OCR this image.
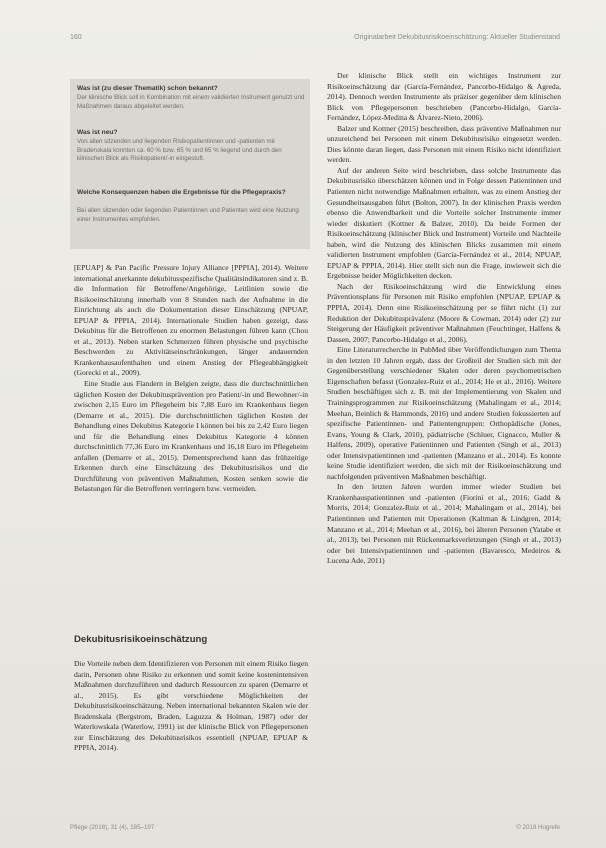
160	Originalarbeit Dekubitusrisikoeinschätzung: Aktueller Studienstand
Was ist (zu dieser Thematik) schon bekannt?
Der klinische Blick soll in Kombination mit einem validierten Instrument genutzt und Maßnahmen daraus abgeleitet werden.
Was ist neu?
Von allen sitzenden und liegenden Risikopatientinnen und -patienten mit Bradenskala konnten ca. 60 % bzw. 65 % und 65 % liegend und durch den klinischen Blick als Risikopatient/-in eingestuft.
Welche Konsequenzen haben die Ergebnisse für die Pflegepraxis?
Bei allen sitzenden oder liegenden Patientinnen und Patienten wird eine Nutzung einer Instrumentes empfohlen.

[EPUAP] & Pan Pacific Pressure Injury Alliance [PPPIA], 2014). Weitere international anerkannte dekubitusspezifische Qualitätsindikatoren sind z. B. die Information für Betroffene/Angehörige, Leitlinien sowie die Risikoeinschätzung innerhalb von 8 Stunden nach der Aufnahme in die Einrichtung als auch die Dokumentation dieser Einschätzung (NPUAP, EPUAP & PPPIA, 2014). Internationale Studien haben gezeigt, dass Dekubitus für die Betroffenen zu enormen Belastungen führen kann (Chou et al., 2013). Neben starken Schmerzen führen physische und psychische Beschwerden zu Aktivitätseinschränkungen, länger andauernden Krankenhausaufenthalten und einem Anstieg der Pflegeabhängigkeit (Gorecki et al., 2009).

Eine Studie aus Flandern in Belgien zeigte, dass die durchschnittlichen täglichen Kosten der Dekubitusprävention pro Patient/-in und Bewohner/-in zwischen 2,15 Euro im Pflegeheim bis 7,88 Euro im Krankenhaus liegen (Demarre et al., 2015). Die durchschnittlichen täglichen Kosten der Behandlung eines Dekubitus Kategorie I können bei bis zu 2,42 Euro liegen und für die Behandlung eines Dekubitus Kategorie 4 können durchschnittlich 77,36 Euro im Krankenhaus und 16,18 Euro im Pflegeheim anfallen (Demarre et al., 2015). Dementsprechend kann das frühzeitige Erkennen durch eine Einschätzung des Dekubitusrisikos und die Durchführung von präventiven Maßnahmen, Kosten senken sowie die Belastungen für die Betroffenen verringern bzw. vermeiden.

Dekubitusrisikoeinschätzung

Die Vorteile neben dem Identifizieren von Personen mit einem Risiko liegen darin, Personen ohne Risiko zu erkennen und somit keine kostenintensiven Maßnahmen durchzuführen und dadurch Ressourcen zu sparen (Demarre et al., 2015). Es gibt verschiedene Möglichkeiten der Dekubitusrisikoeinschätzung. Neben international bekannten Skalen wie der Bradenskala (Bergstrom, Braden, Laguzza & Holman, 1987) oder der Waterlowskala (Waterlow, 1991) ist der klinische Blick von Pflegepersonen zur Einschätzung des Dekubitusrisikos essentiell (NPUAP, EPUAP & PPPIA, 2014).

Der klinische Blick stellt ein wichtiges Instrument zur Risikoeinschätzung dar (García-Fernández, Pancorbo-Hidalgo & Agreda, 2014). Dennoch werden Instrumente als präziser gegenüber dem klinischen Blick von Pflegepersonen beschrieben (Pancorbo-Hidalgo, García-Fernández, López-Medina & Álvarez-Nieto, 2006).

Balzer und Kottner (2015) beschreiben, dass präventive Maßnahmen nur unzureichend bei Personen mit einem Dekubitusrisiko eingesetzt werden. Dies könnte daran liegen, dass Personen mit einem Risiko nicht identifiziert werden.

Auf der anderen Seite wird beschrieben, dass solche Instrumente das Dekubitusrisiko überschätzen können und in Folge dessen Patientinnen und Patienten nicht notwendige Maßnahmen erhalten, was zu einem Anstieg der Gesundheitsausgaben führt (Bolton, 2007). In der klinischen Praxis werden ebenso die Anwendbarkeit und die Vorteile solcher Instrumente immer wieder diskutiert (Kottner & Balzer, 2010). Da beide Formen der Risikoeinschätzung (klinischer Blick und Instrument) Vorteile und Nachteile haben, wird die Nutzung des klinischen Blicks zusammen mit einem validierten Instrument empfohlen (García-Fernández et al., 2014; NPUAP, EPUAP & PPPIA, 2014). Hier stellt sich nun die Frage, inwieweit sich die Ergebnisse beider Möglichkeiten decken.

Nach der Risikoeinschätzung wird die Entwicklung eines Präventionsplans für Personen mit Risiko empfohlen (NPUAP, EPUAP & PPPIA, 2014). Denn eine Risikoeinschätzung per se führt nicht (1) zur Reduktion der Dekubitusprävalenz (Moore & Cowman, 2014) oder (2) zur Steigerung der Häufigkeit präventiver Maßnahmen (Feuchtinger, Halfens & Dassen, 2007; Pancorbo-Hidalgo et al., 2006).

Eine Literaturrecherche in PubMed über Veröffentlichungen zum Thema in den letzten 10 Jahren ergab, dass der Großteil der Studien sich mit der Gegenüberstellung verschiedener Skalen oder deren psychometrischen Eigenschaften befasst (Gonzalez-Ruiz et al., 2014; He et al., 2016). Weitere Studien beschäftigen sich z. B. mit der Implementierung von Skalen und Trainingsprogrammen zur Risikoeinschätzung (Mahalingam et al., 2014; Meehan, Beinlich & Hammonds, 2016) und andere Studien fokussierten auf spezifische Patientinnen- und Patientengruppen: Orthopädische (Jones, Evans, Young & Clark, 2010), pädiatrische (Schluer, Cignacco, Muller & Halfens, 2009), operative Patientinnen und Patienten (Singh et al., 2013) oder Intensivpatientinnen und -patienten (Manzano et al., 2014). Es konnte keine Studie identifiziert werden, die sich mit der Risikoeinschätzung und nachfolgenden präventiven Maßnahmen beschäftigt.

In den letzten Jahren wurden immer wieder Studien bei Krankenhauspatientinnen und -patienten (Fiorini et al., 2016; Gadd & Morris, 2014; Gonzalez-Ruiz et al., 2014; Mahalingam et al., 2014), bei Patientinnen und Patienten mit Operationen (Kaltman & Lindgren, 2014; Manzano et al., 2014; Meehan et al., 2016), bei älteren Personen (Yatabe et al., 2013), bei Personen mit Rückenmarksverletzungen (Singh et al., 2013) oder bei Intensivpatientinnen und -patienten (Bavaresco, Medeiros & Lucena Ade, 2011)

Pflege (2018), 31 (4), 185–197	© 2018 Hogrefe
